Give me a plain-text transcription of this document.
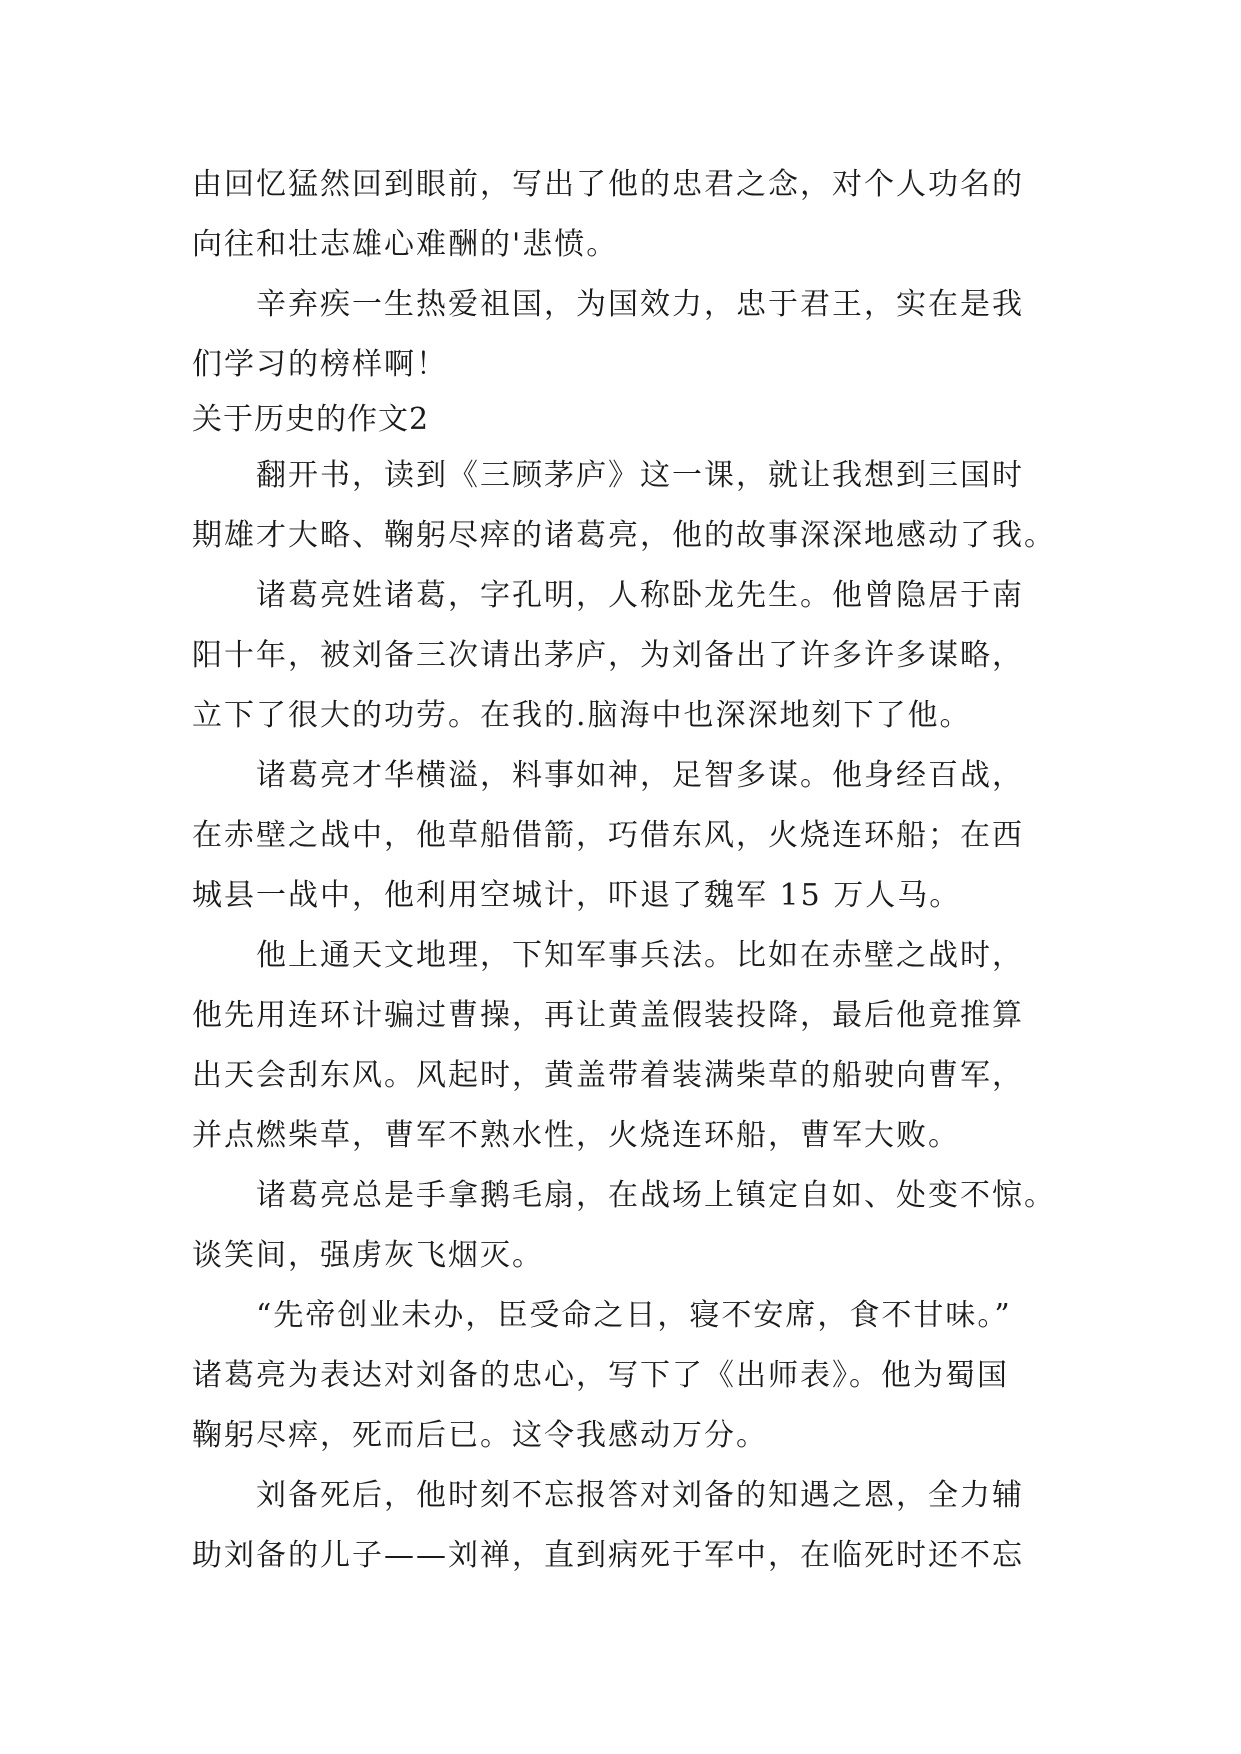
由回忆猛然回到眼前，写出了他的忠君之念，对个人功名的
向往和壮志雄心难酬的'悲愤。
辛弃疾一生热爱祖国，为国效力，忠于君王，实在是我
们学习的榜样啊！
关于历史的作文2
翻开书，读到《三顾茅庐》这一课，就让我想到三国时
期雄才大略、鞠躬尽瘁的诸葛亮，他的故事深深地感动了我。
诸葛亮姓诸葛，字孔明，人称卧龙先生。他曾隐居于南
阳十年，被刘备三次请出茅庐，为刘备出了许多许多谋略，
立下了很大的功劳。在我的.脑海中也深深地刻下了他。
诸葛亮才华横溢，料事如神，足智多谋。他身经百战，
在赤壁之战中，他草船借箭，巧借东风，火烧连环船；在西
城县一战中，他利用空城计，吓退了魏军 15 万人马。
他上通天文地理，下知军事兵法。比如在赤壁之战时，
他先用连环计骗过曹操，再让黄盖假装投降，最后他竟推算
出天会刮东风。风起时，黄盖带着装满柴草的船驶向曹军，
并点燃柴草，曹军不熟水性，火烧连环船，曹军大败。
诸葛亮总是手拿鹅毛扇，在战场上镇定自如、处变不惊。
谈笑间，强虏灰飞烟灭。
“先帝创业未办，臣受命之日，寝不安席，食不甘味。”
诸葛亮为表达对刘备的忠心，写下了《出师表》。他为蜀国
鞠躬尽瘁，死而后已。这令我感动万分。
刘备死后，他时刻不忘报答对刘备的知遇之恩，全力辅
助刘备的儿子——刘禅，直到病死于军中，在临死时还不忘
